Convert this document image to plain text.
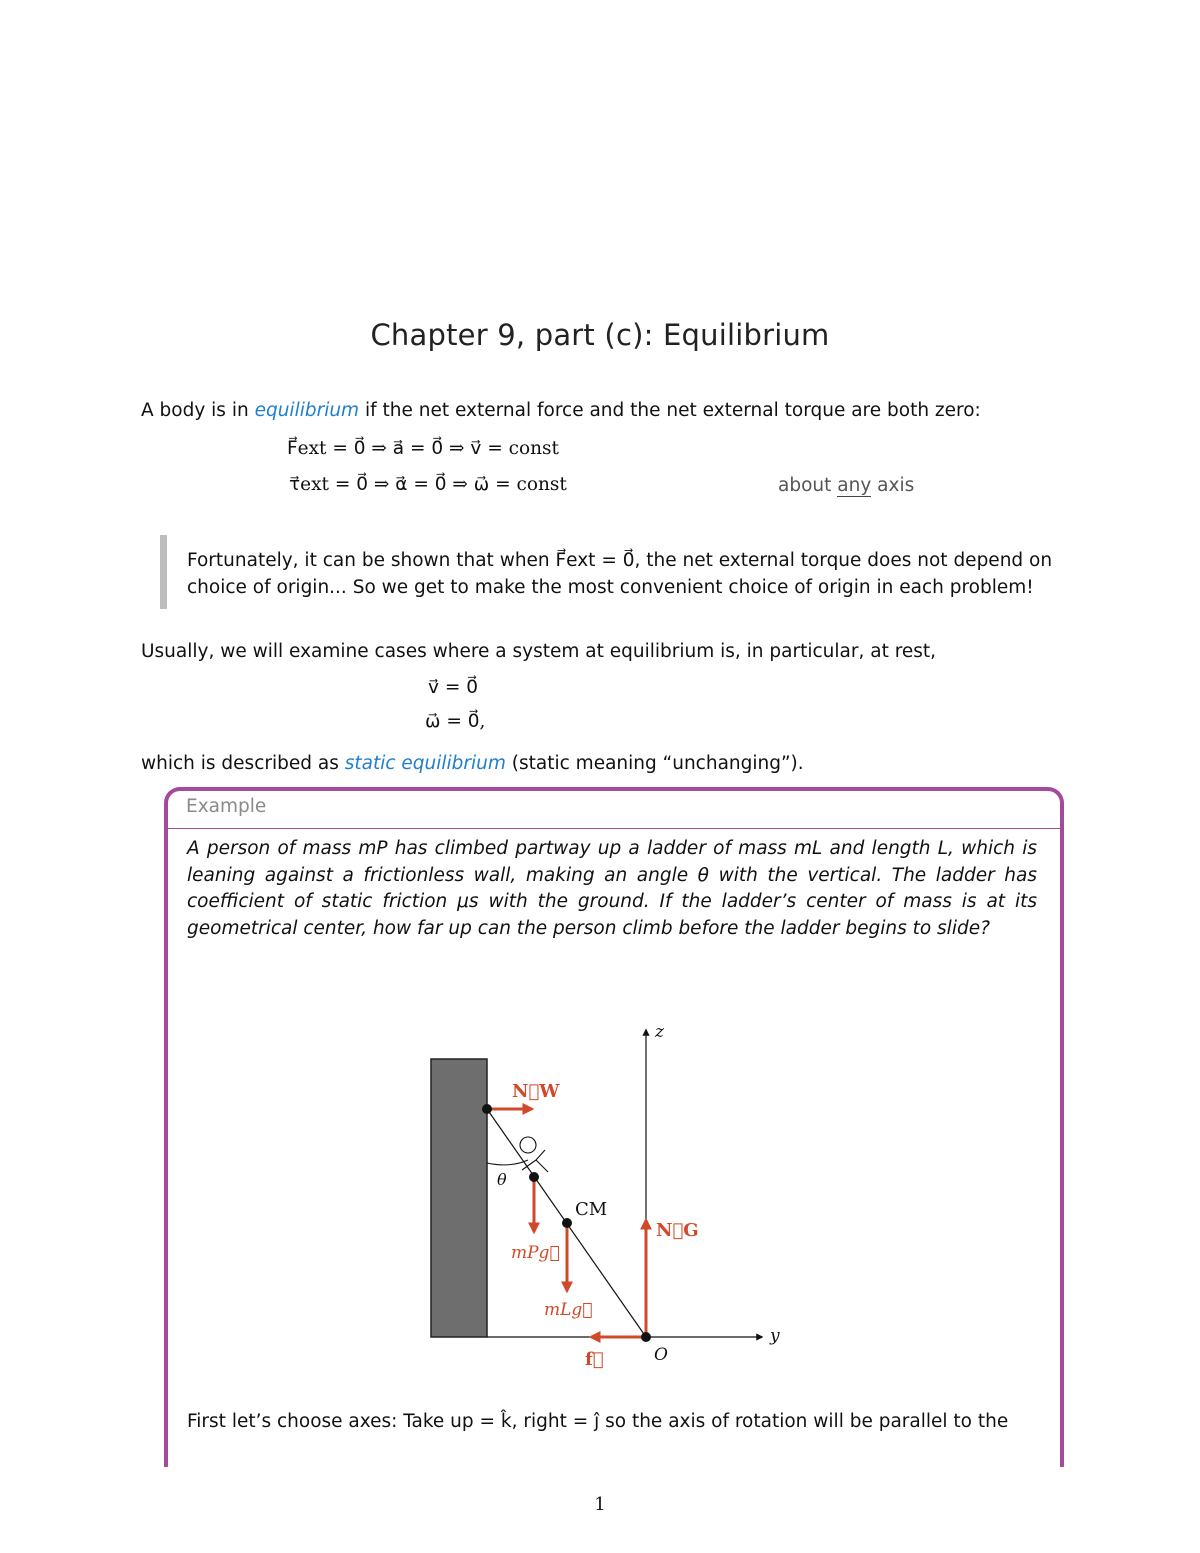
Chapter 9, part (c): Equilibrium
A body is in equilibrium if the net external force and the net external torque are both zero:
F⃗ext = 0⃗ ⇒ a⃗ = 0⃗ ⇒ v⃗ = const
τ⃗ext = 0⃗ ⇒ α⃗ = 0⃗ ⇒ ω⃗ = const	about any axis
Fortunately, it can be shown that when F⃗ext = 0⃗, the net external torque does not depend on
choice of origin... So we get to make the most convenient choice of origin in each problem!
Usually, we will examine cases where a system at equilibrium is, in particular, at rest,
v⃗ = 0⃗
ω⃗ = 0⃗,
which is described as static equilibrium (static meaning “unchanging”).
Example
A person of mass mP has climbed partway up a ladder of mass mL and length L, which is leaning against a frictionless wall, making an angle θ with the vertical. The ladder has coefficient of static friction μs with the ground. If the ladder’s center of mass is at its geometrical center, how far up can the person climb before the ladder begins to slide?
z
y
O
θ
CM
N⃗W
N⃗G
mPg⃗
mLg⃗
f⃗
First let’s choose axes: Take up = k̂, right = ĵ so the axis of rotation will be parallel to the
1
